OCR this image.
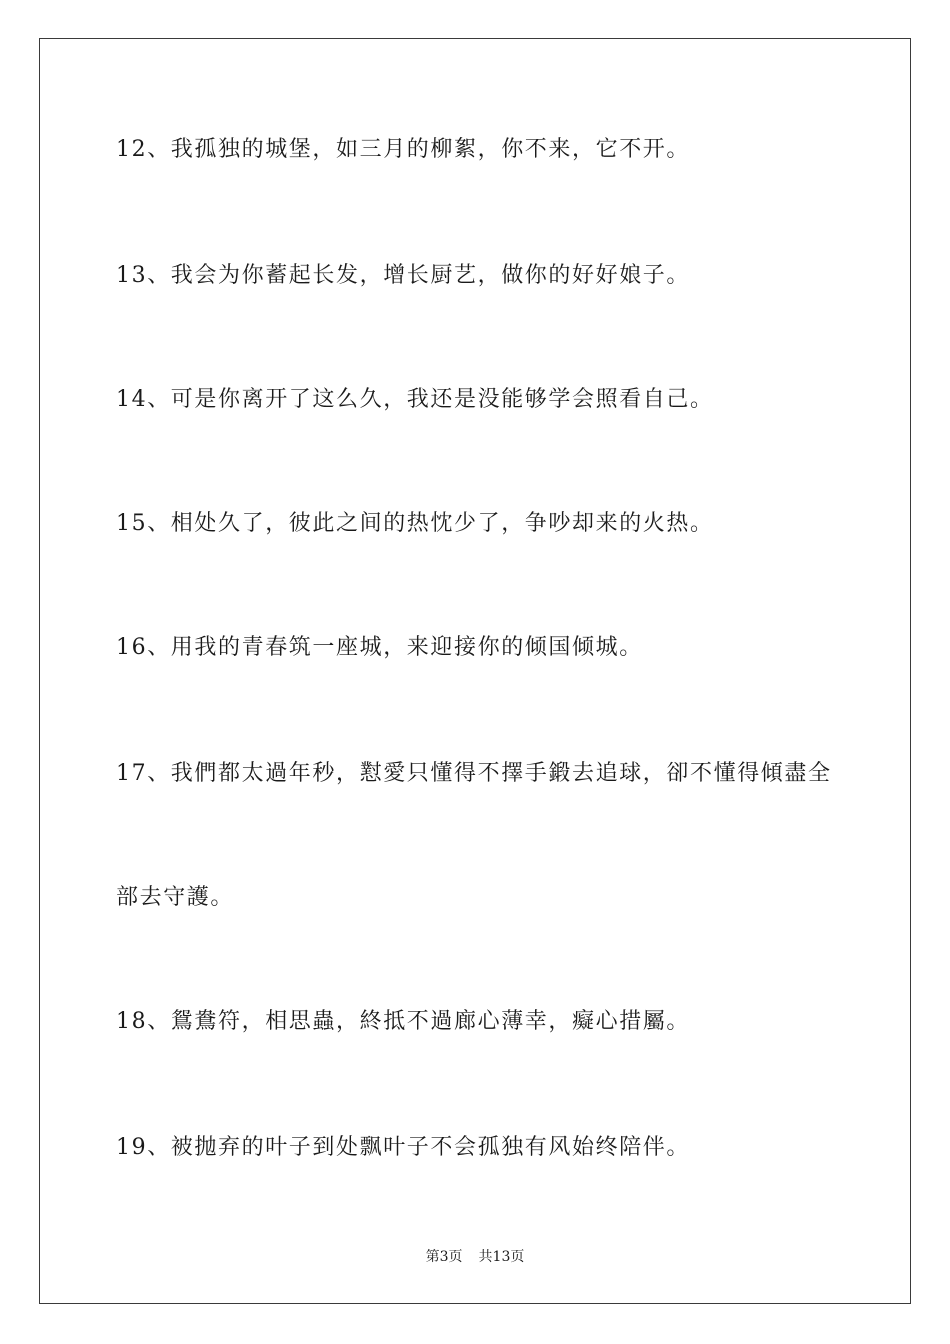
12、我孤独的城堡，如三月的柳絮，你不来，它不开。
13、我会为你蓄起长发，增长厨艺，做你的好好娘子。
14、可是你离开了这么久，我还是没能够学会照看自己。
15、相处久了，彼此之间的热忱少了，争吵却来的火热。
16、用我的青春筑一座城，来迎接你的倾国倾城。
17、我們都太過年秒，懟愛只懂得不擇手鍛去追球，卻不懂得傾盡全
部去守護。
18、鴛鴦符，相思蟲，終抵不過廊心薄幸，癡心措屬。
19、被抛弃的叶子到处飘叶子不会孤独有风始终陪伴。
第3页 共13页
